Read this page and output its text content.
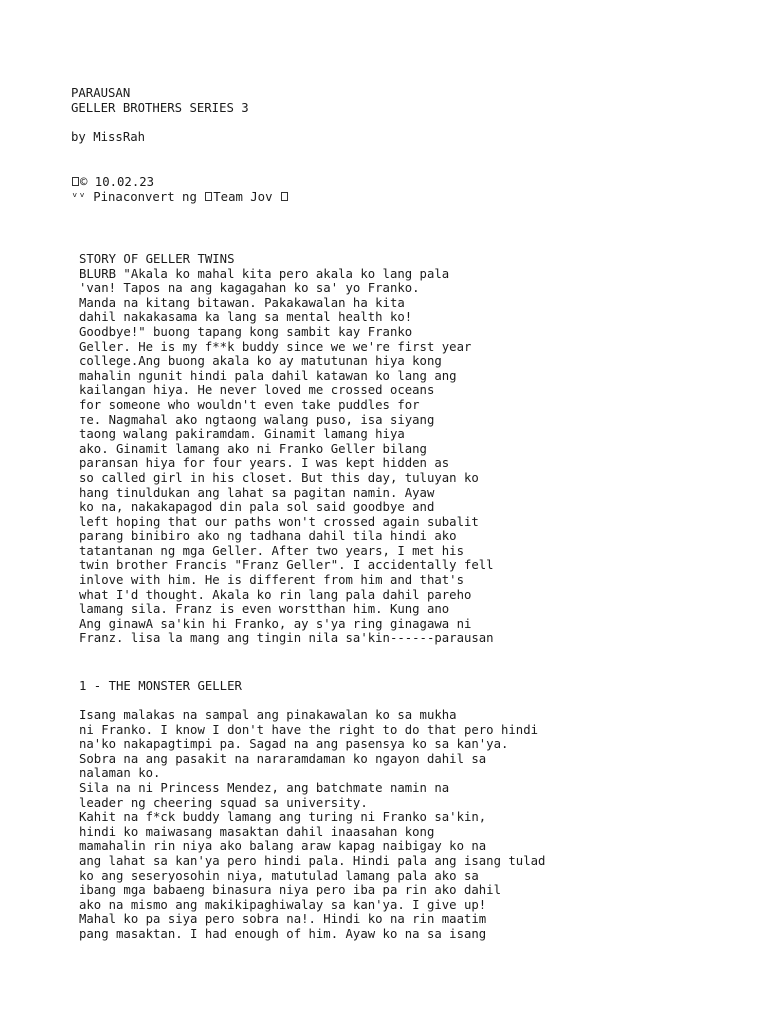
PARAUSAN
GELLER BROTHERS SERIES 3
by MissRah
© 10.02.23
ᵛᵛ Pinaconvert ng Team Jov
STORY OF GELLER TWINS
BLURB "Akala ko mahal kita pero akala ko lang pala
'van! Tapos na ang kagagahan ko sa' yo Franko.
Manda na kitang bitawan. Pakakawalan ha kita
dahil nakakasama ka lang sa mental health ko!
Goodbye!" buong tapang kong sambit kay Franko
Geller. He is my f**k buddy since we we're first year
college.Ang buong akala ko ay matutunan hiya kong
mahalin ngunit hindi pala dahil katawan ko lang ang
kailangan hiya. He never loved me crossed oceans
for someone who wouldn't even take puddles for
те. Nagmahal ako ngtaong walang puso, isa siyang
taong walang pakiramdam. Ginamit lamang hiya
ako. Ginamit lamang ako ni Franko Geller bilang
paransan hiya for four years. I was kept hidden as
so called girl in his closet. But this day, tuluyan ko
hang tinuldukan ang lahat sa pagitan namin. Ayaw
ko na, nakakapagod din pala sol said goodbye and
left hoping that our paths won't crossed again subalit
parang binibiro ako ng tadhana dahil tila hindi ako
tatantanan ng mga Geller. After two years, I met his
twin brother Francis "Franz Geller". I accidentally fell
inlove with him. He is different from him and that's
what I'd thought. Akala ko rin lang pala dahil pareho
lamang sila. Franz is even worstthan him. Kung ano
Ang ginawA sa'kin hi Franko, ay s'ya ring ginagawa ni
Franz. lisa la mang ang tingin nila sa'kin------parausan
1 - THE MONSTER GELLER
Isang malakas na sampal ang pinakawalan ko sa mukha
ni Franko. I know I don't have the right to do that pero hindi
na'ko nakapagtimpi pa. Sagad na ang pasensya ko sa kan'ya.
Sobra na ang pasakit na nararamdaman ko ngayon dahil sa
nalaman ko.
Sila na ni Princess Mendez, ang batchmate namin na
leader ng cheering squad sa university.
Kahit na f*ck buddy lamang ang turing ni Franko sa'kin,
hindi ko maiwasang masaktan dahil inaasahan kong
mamahalin rin niya ako balang araw kapag naibigay ko na
ang lahat sa kan'ya pero hindi pala. Hindi pala ang isang tulad
ko ang seseryosohin niya, matutulad lamang pala ako sa
ibang mga babaeng binasura niya pero iba pa rin ako dahil
ako na mismo ang makikipaghiwalay sa kan'ya. I give up!
Mahal ko pa siya pero sobra na!. Hindi ko na rin maatim
pang masaktan. I had enough of him. Ayaw ko na sa isang
